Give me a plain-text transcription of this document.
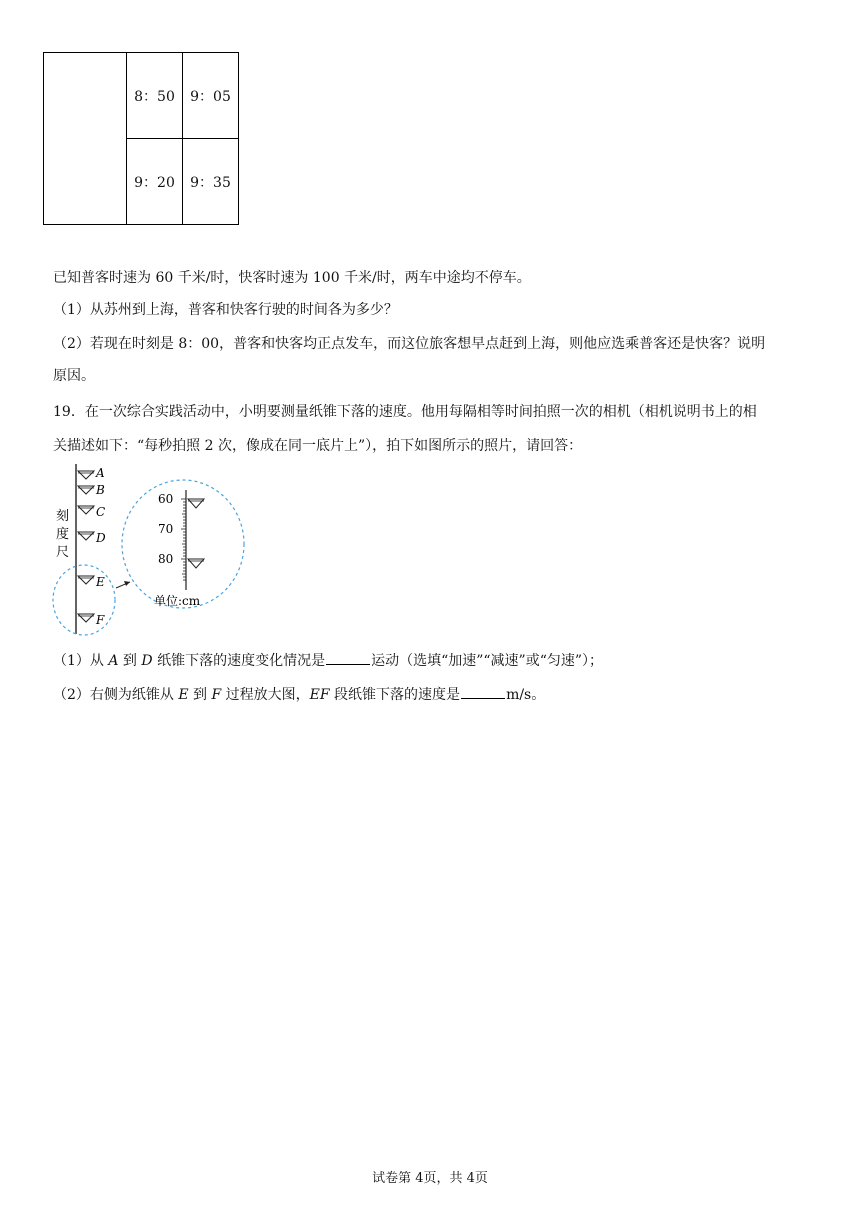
	8：50	9：05
	9：20	9：35
已知普客时速为 60 千米/时，快客时速为 100 千米/时，两车中途均不停车。
（1）从苏州到上海，普客和快客行驶的时间各为多少？
（2）若现在时刻是 8：00，普客和快客均正点发车，而这位旅客想早点赶到上海，则他应选乘普客还是快客？说明
原因。
19．在一次综合实践活动中，小明要测量纸锥下落的速度。他用每隔相等时间拍照一次的相机（相机说明书上的相
关描述如下：“每秒拍照 2 次，像成在同一底片上”），拍下如图所示的照片，请回答：
刻
度
尺
A
B
C
D
E
F
60
70
80
单位:cm
（1）从 A 到 D 纸锥下落的速度变化情况是	运动（选填“加速”“减速”或“匀速”）；
（2）右侧为纸锥从 E 到 F 过程放大图，EF 段纸锥下落的速度是	m/s。
试卷第 4页，共 4页
